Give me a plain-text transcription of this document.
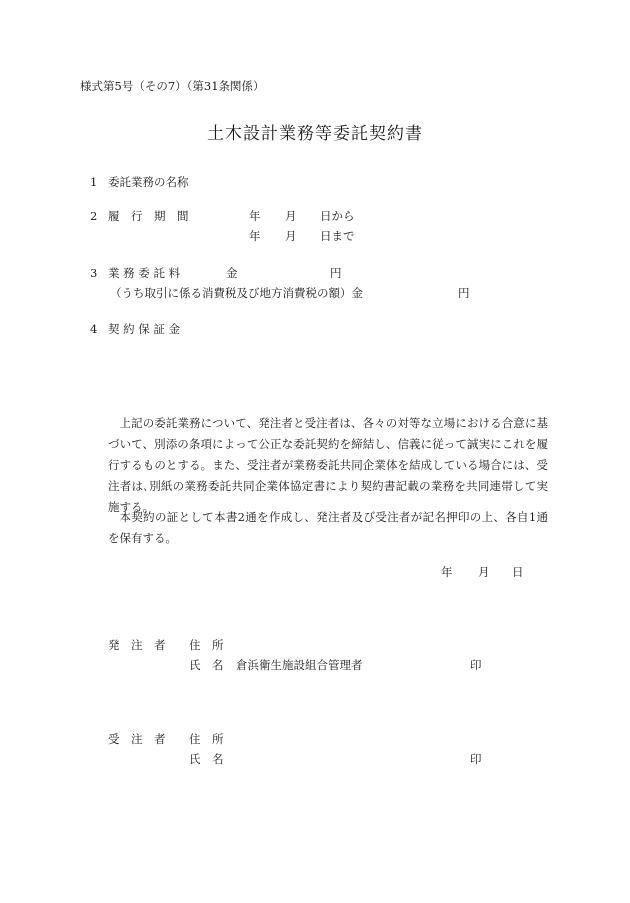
様式第5号（その7）（第31条関係）
土木設計業務等委託契約書
1 委託業務の名称
2 履　行　期　間	年 月 日から
年 月 日まで
3 業 務 委 託 料	金	円
（うち取引に係る消費税及び地方消費税の額）金	円
4 契 約 保 証 金
上記の委託業務について、発注者と受注者は、各々の対等な立場における合意に基づいて、別添の条項によって公正な委託契約を締結し、信義に従って誠実にこれを履行するものとする。また、受注者が業務委託共同企業体を結成している場合には、受注者は､別紙の業務委託共同企業体協定書により契約書記載の業務を共同連帯して実施する。
本契約の証として本書2通を作成し、発注者及び受注者が記名押印の上、各自1通を保有する。
年 月 日
発　注　者 住　所
氏　名 倉浜衛生施設組合管理者	印
受　注　者 住　所
氏　名	印
